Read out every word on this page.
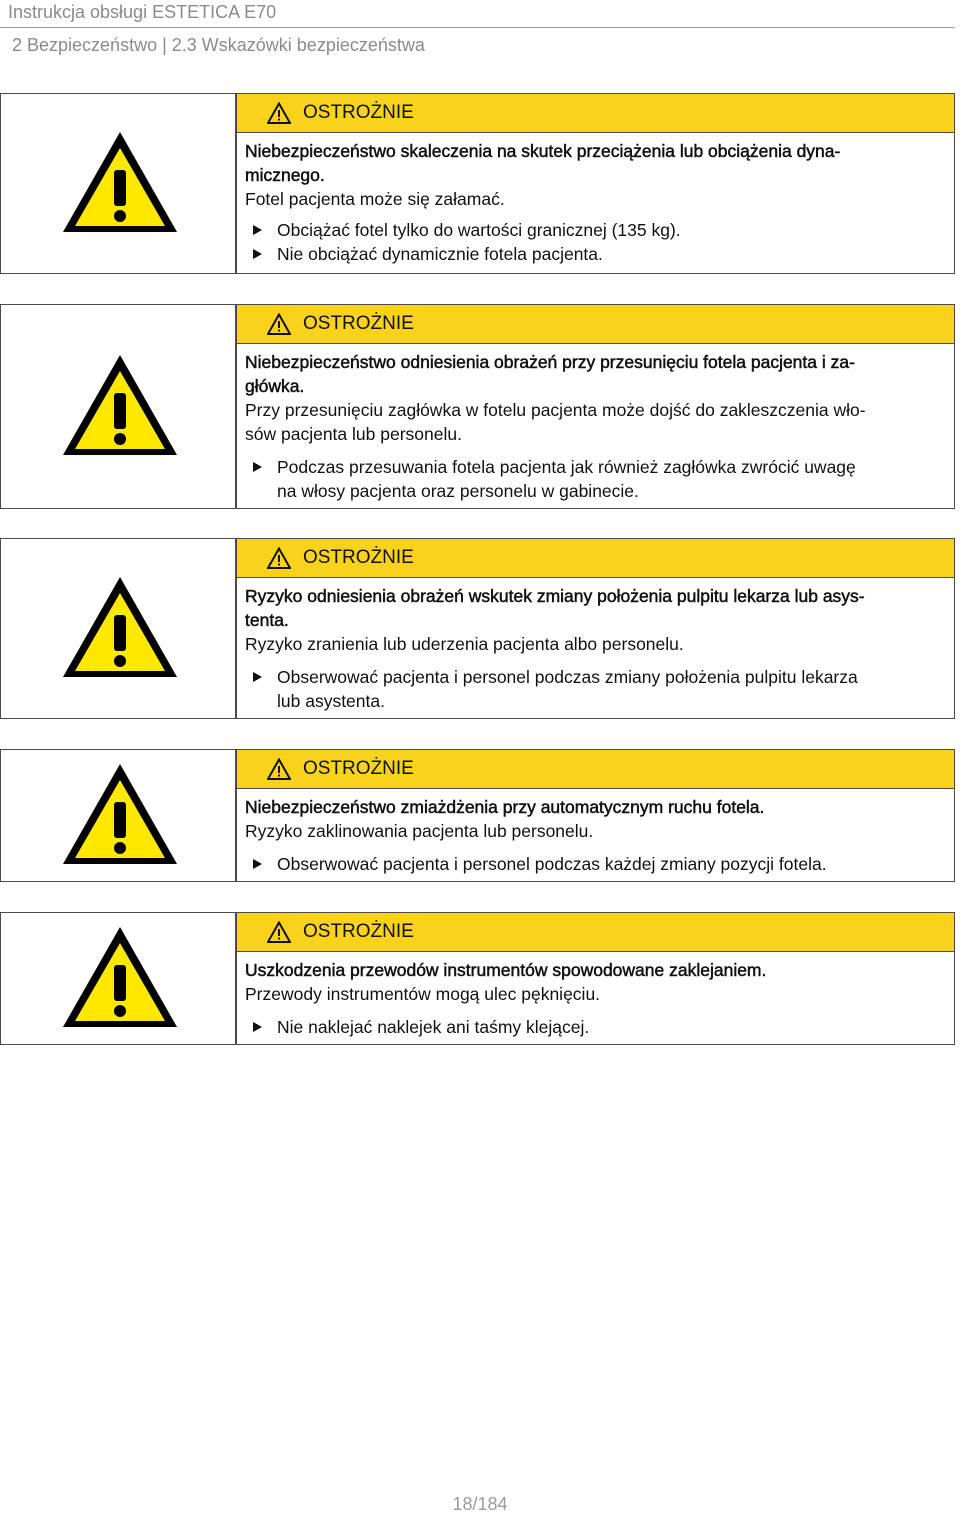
Instrukcja obsługi ESTETICA E70
2 Bezpieczeństwo | 2.3 Wskazówki bezpieczeństwa
OSTROŻNIE
Niebezpieczeństwo skaleczenia na skutek przeciążenia lub obciążenia dyna-
micznego.
Fotel pacjenta może się załamać.
Obciążać fotel tylko do wartości granicznej (135 kg).
Nie obciążać dynamicznie fotela pacjenta.
OSTROŻNIE
Niebezpieczeństwo odniesienia obrażeń przy przesunięciu fotela pacjenta i za-
główka.
Przy przesunięciu zagłówka w fotelu pacjenta może dojść do zakleszczenia wło-
sów pacjenta lub personelu.
Podczas przesuwania fotela pacjenta jak również zagłówka zwrócić uwagę
na włosy pacjenta oraz personelu w gabinecie.
OSTROŻNIE
Ryzyko odniesienia obrażeń wskutek zmiany położenia pulpitu lekarza lub asys-
tenta.
Ryzyko zranienia lub uderzenia pacjenta albo personelu.
Obserwować pacjenta i personel podczas zmiany położenia pulpitu lekarza
lub asystenta.
OSTROŻNIE
Niebezpieczeństwo zmiażdżenia przy automatycznym ruchu fotela.
Ryzyko zaklinowania pacjenta lub personelu.
Obserwować pacjenta i personel podczas każdej zmiany pozycji fotela.
OSTROŻNIE
Uszkodzenia przewodów instrumentów spowodowane zaklejaniem.
Przewody instrumentów mogą ulec pęknięciu.
Nie naklejać naklejek ani taśmy klejącej.
18/184
